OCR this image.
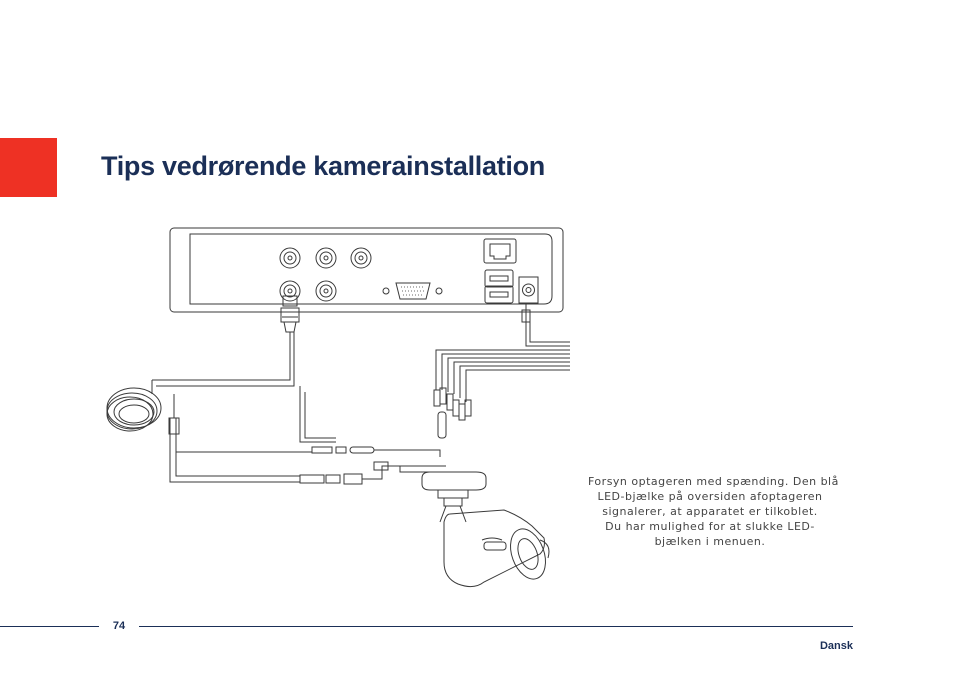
Tips vedrørende kamerainstallation
Forsyn optageren med spænding. Den blå
LED-bjælke på oversiden afoptageren
signalerer, at apparatet er tilkoblet.
Du har mulighed for at slukke LED-
bjælken i menuen.
74
Dansk
